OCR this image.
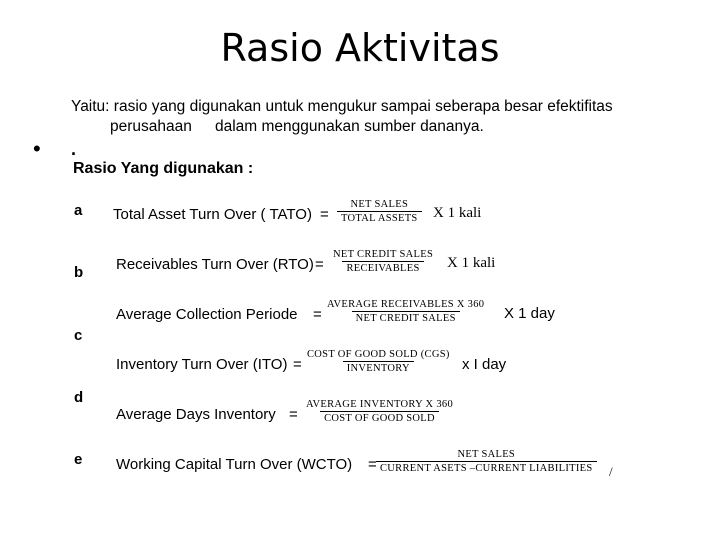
Rasio Aktivitas
Yaitu: rasio yang digunakan untuk mengukur sampai seberapa besar efektifitas
perusahaan dalam menggunakan sumber dananya.
• .
Rasio Yang digunakan :
a
b
c
d
e
Total Asset Turn Over ( TATO) =
NET SALES
TOTAL ASSETS X 1 kali
Receivables Turn Over (RTO) =
NET CREDIT SALES
RECEIVABLES X 1 kali
Average Collection Periode =
AVERAGE RECEIVABLES X 360
NET CREDIT SALES	X 1 day
Inventory Turn Over (ITO) =
COST OF GOOD SOLD (CGS)
INVENTORY	x I day
Average Days Inventory =
AVERAGE INVENTORY X 360
COST OF GOOD SOLD
Working Capital Turn Over (WCTO) =
NET SALES
CURRENT ASETS –CURRENT LIABILITIES	/
